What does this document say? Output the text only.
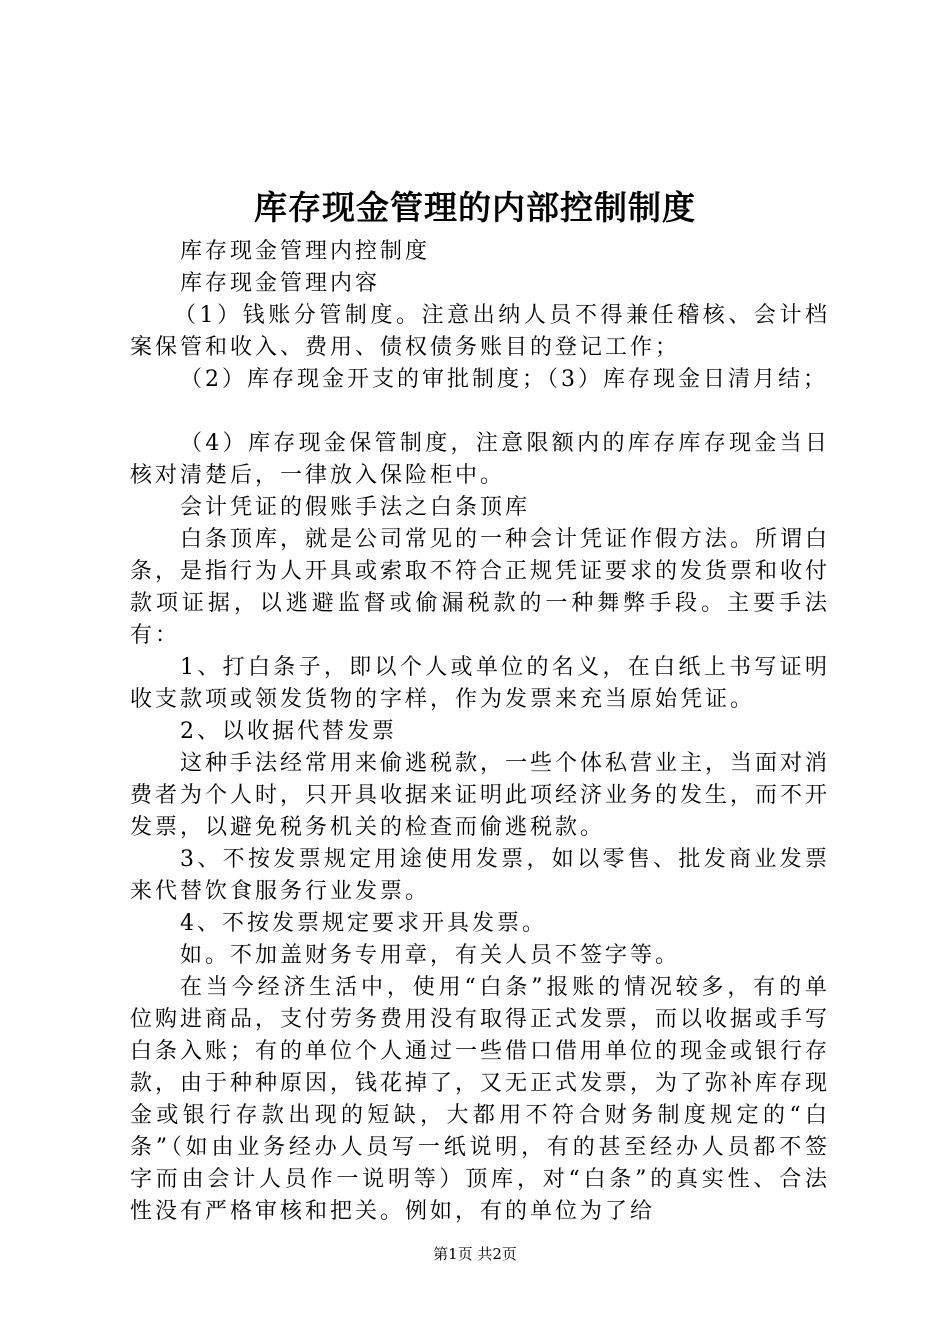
库存现金管理的内部控制制度

库存现金管理内控制度

库存现金管理内容

（1）钱账分管制度。注意出纳人员不得兼任稽核、会计档案保管和收入、费用、债权债务账目的登记工作；

（2）库存现金开支的审批制度；（3）库存现金日清月结；

（4）库存现金保管制度，注意限额内的库存库存现金当日核对清楚后，一律放入保险柜中。

会计凭证的假账手法之白条顶库

白条顶库，就是公司常见的一种会计凭证作假方法。所谓白条，是指行为人开具或索取不符合正规凭证要求的发货票和收付款项证据，以逃避监督或偷漏税款的一种舞弊手段。主要手法有：

1、打白条子，即以个人或单位的名义，在白纸上书写证明收支款项或领发货物的字样，作为发票来充当原始凭证。

2、以收据代替发票

这种手法经常用来偷逃税款，一些个体私营业主，当面对消费者为个人时，只开具收据来证明此项经济业务的发生，而不开发票，以避免税务机关的检查而偷逃税款。

3、不按发票规定用途使用发票，如以零售、批发商业发票来代替饮食服务行业发票。

4、不按发票规定要求开具发票。

如。不加盖财务专用章，有关人员不签字等。

在当今经济生活中，使用“白条”报账的情况较多，有的单位购进商品，支付劳务费用没有取得正式发票，而以收据或手写白条入账；有的单位个人通过一些借口借用单位的现金或银行存款，由于种种原因，钱花掉了，又无正式发票，为了弥补库存现金或银行存款出现的短缺，大都用不符合财务制度规定的“白条”（如由业务经办人员写一纸说明，有的甚至经办人员都不签字而由会计人员作一说明等）顶库，对“白条”的真实性、合法性没有严格审核和把关。例如，有的单位为了给

第1页 共2页
